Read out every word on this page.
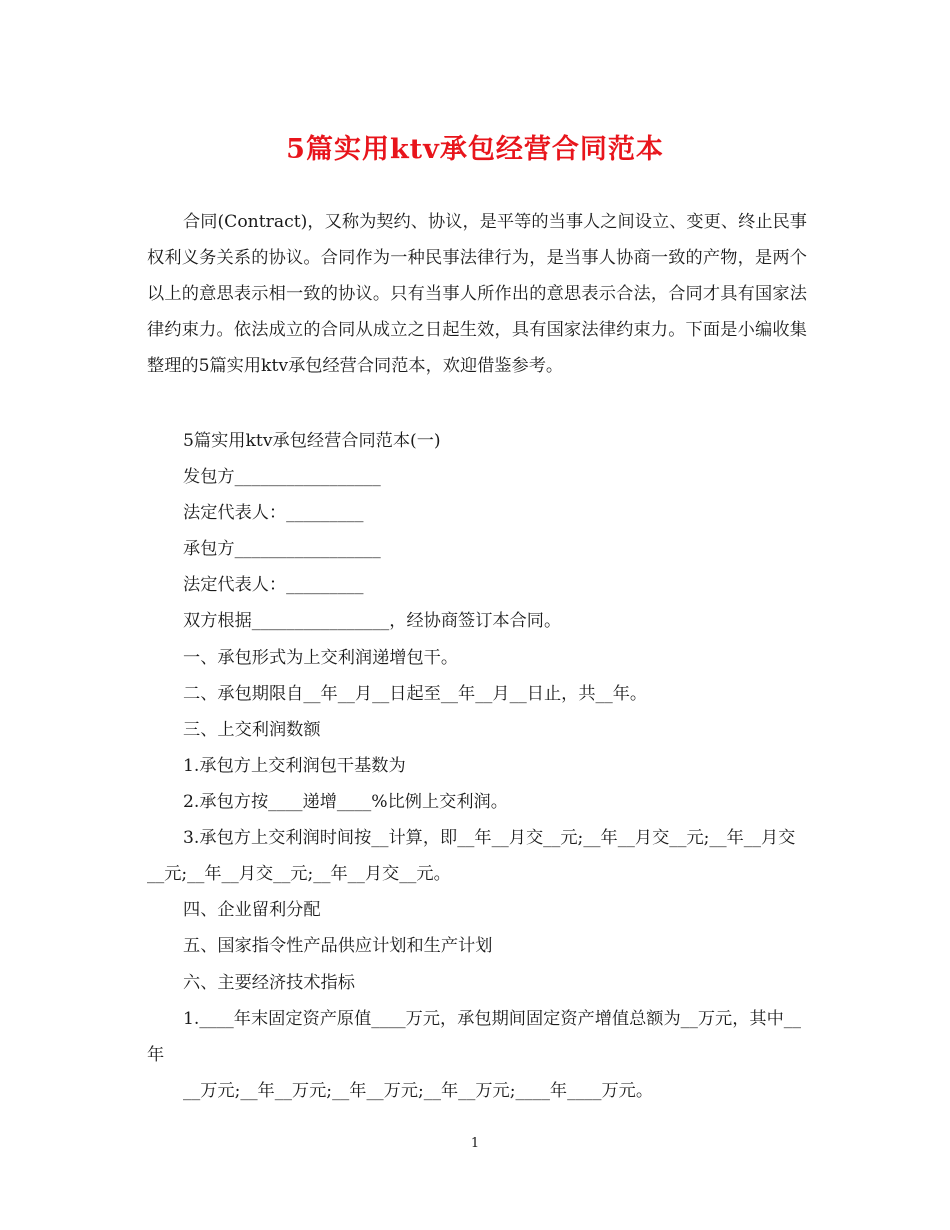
5篇实用ktv承包经营合同范本

合同(Contract)，又称为契约、协议，是平等的当事人之间设立、变更、终止民事权利义务关系的协议。合同作为一种民事法律行为，是当事人协商一致的产物，是两个以上的意思表示相一致的协议。只有当事人所作出的意思表示合法，合同才具有国家法律约束力。依法成立的合同从成立之日起生效，具有国家法律约束力。下面是小编收集整理的5篇实用ktv承包经营合同范本，欢迎借鉴参考。

5篇实用ktv承包经营合同范本(一)

发包方_________________

法定代表人：_________

承包方_________________

法定代表人：_________

双方根据________________，经协商签订本合同。

一、承包形式为上交利润递增包干。

二、承包期限自__年__月__日起至__年__月__日止，共__年。

三、上交利润数额

1.承包方上交利润包干基数为

2.承包方按____递增____%比例上交利润。

3.承包方上交利润时间按__计算，即__年__月交__元;__年__月交__元;__年__月交__元;__年__月交__元;__年__月交__元。

四、企业留利分配

五、国家指令性产品供应计划和生产计划

六、主要经济技术指标

1.____年末固定资产原值____万元，承包期间固定资产增值总额为__万元，其中__年

__万元;__年__万元;__年__万元;__年__万元;____年____万元。

1
